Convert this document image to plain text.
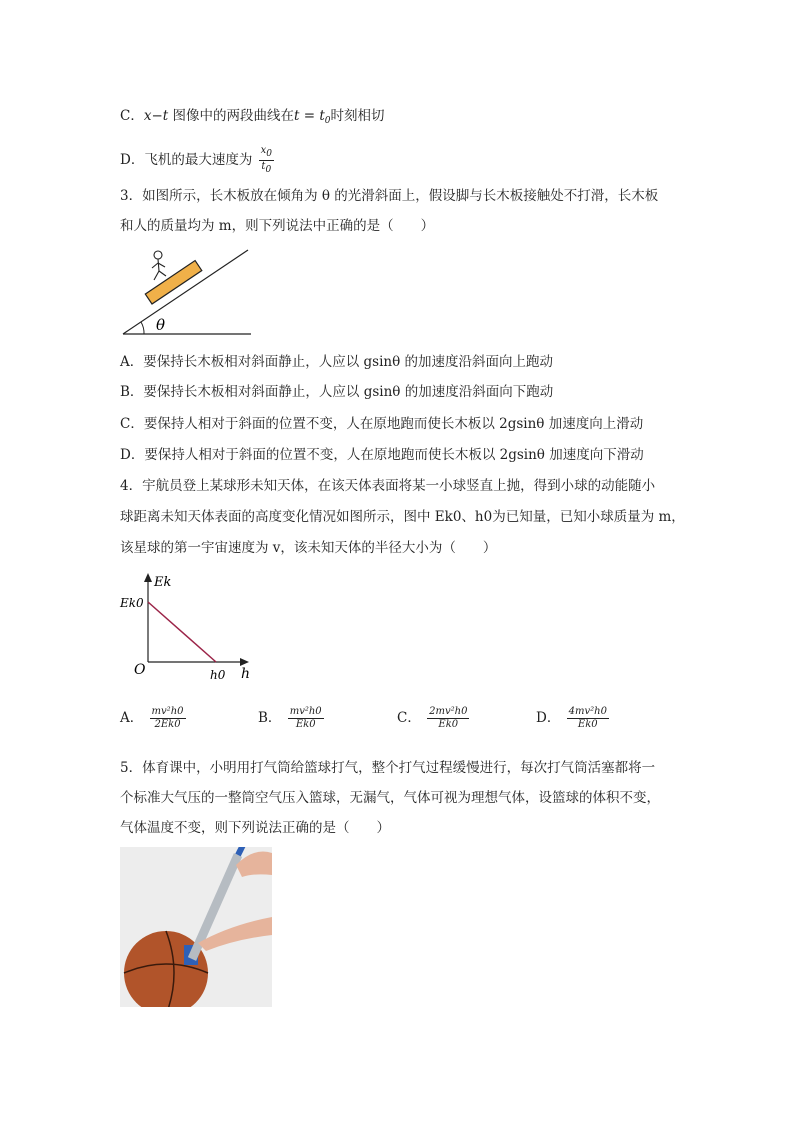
C．x−t 图像中的两段曲线在$t = t_0$时刻相切
D．飞机的最大速度为 $\frac{x0}{t0}$
3．如图所示，长木板放在倾角为 θ 的光滑斜面上，假设脚与长木板接触处不打滑，长木板
和人的质量均为 m，则下列说法中正确的是（　　）
θ
A．要保持长木板相对斜面静止，人应以 gsinθ 的加速度沿斜面向上跑动
B．要保持长木板相对斜面静止，人应以 gsinθ 的加速度沿斜面向下跑动
C．要保持人相对于斜面的位置不变，人在原地跑而使长木板以 2gsinθ 加速度向上滑动
D．要保持人相对于斜面的位置不变，人在原地跑而使长木板以 2gsinθ 加速度向下滑动
4．宇航员登上某球形未知天体，在该天体表面将某一小球竖直上抛，得到小球的动能随小
球距离未知天体表面的高度变化情况如图所示，图中 Ek0、h0为已知量，已知小球质量为 m，
该星球的第一宇宙速度为 v，该未知天体的半径大小为（　　）
Ek
Ek0
O	h
h0
A． $\frac{\text{mv²h0}}{2Ek0}$	B． $\frac{\text{mv²h0}}{Ek0}$	C． $\frac{\text{2mv²h0}}{Ek0}$	D． $\frac{\text{4mv²h0}}{Ek0}$
5．体育课中，小明用打气筒给篮球打气，整个打气过程缓慢进行，每次打气筒活塞都将一
个标准大气压的一整筒空气压入篮球，无漏气，气体可视为理想气体，设篮球的体积不变，
气体温度不变，则下列说法正确的是（　　）
